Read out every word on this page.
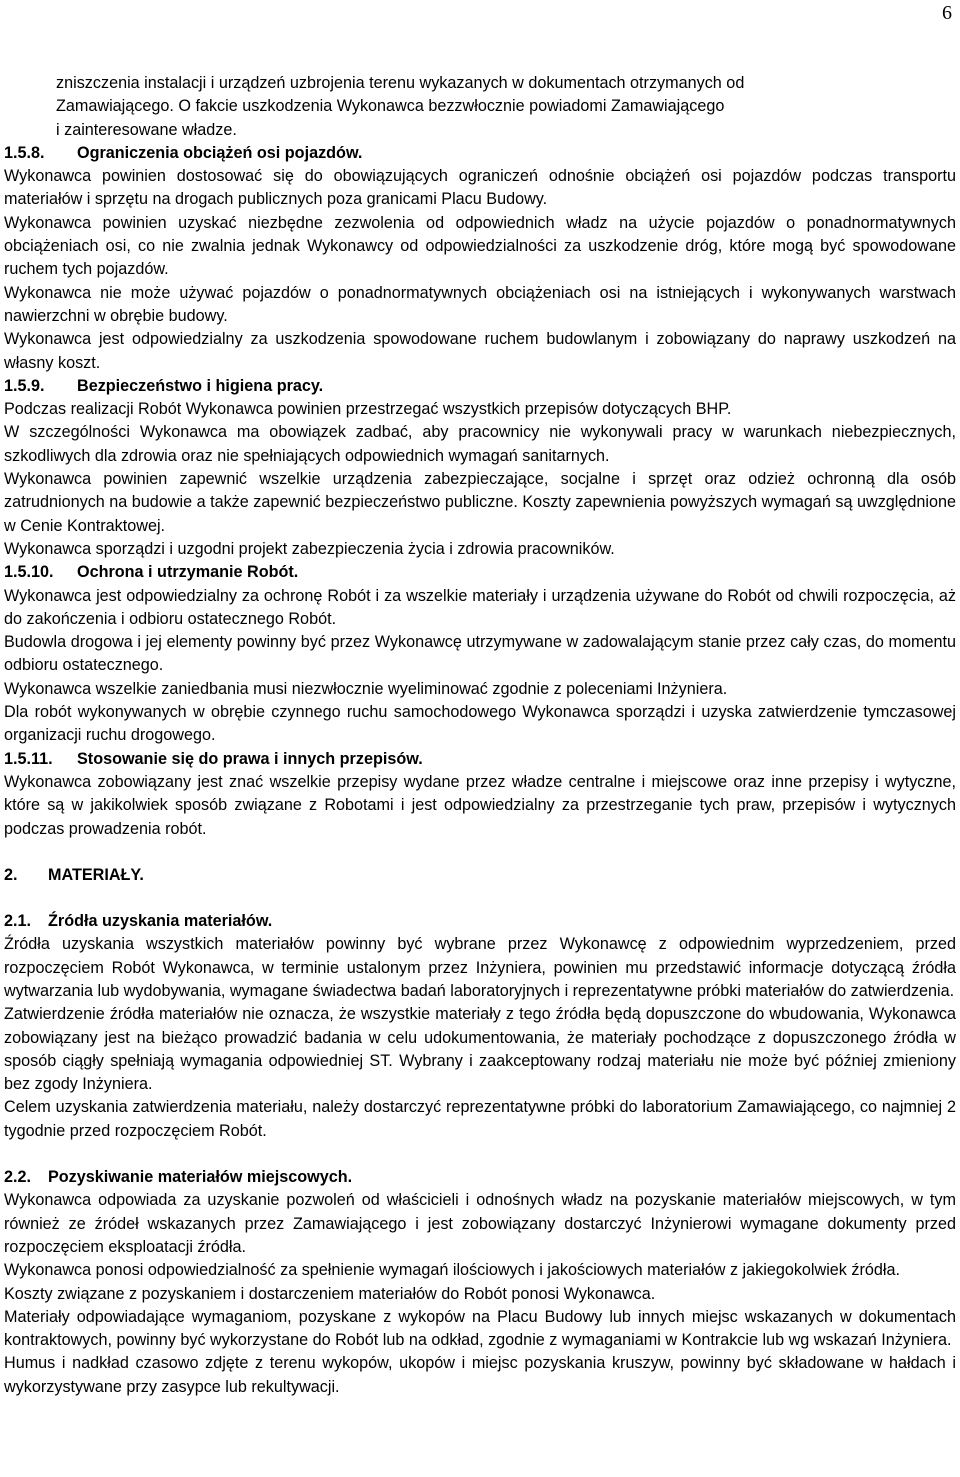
6
zniszczenia instalacji i urządzeń uzbrojenia terenu wykazanych w dokumentach otrzymanych od
Zamawiającego. O fakcie uszkodzenia Wykonawca bezzwłocznie powiadomi Zamawiającego
i zainteresowane władze.
1.5.8.	Ograniczenia obciążeń osi pojazdów.

Wykonawca powinien dostosować się do obowiązujących ograniczeń odnośnie obciążeń osi pojazdów podczas transportu materiałów i sprzętu na drogach publicznych poza granicami Placu Budowy.

Wykonawca powinien uzyskać niezbędne zezwolenia od odpowiednich władz na użycie pojazdów o ponadnormatywnych obciążeniach osi, co nie zwalnia jednak Wykonawcy od odpowiedzialności za uszkodzenie dróg, które mogą być spowodowane ruchem tych pojazdów.

Wykonawca nie może używać pojazdów o ponadnormatywnych obciążeniach osi na istniejących i wykonywanych warstwach nawierzchni w obrębie budowy.

Wykonawca jest odpowiedzialny za uszkodzenia spowodowane ruchem budowlanym i zobowiązany do naprawy uszkodzeń na własny koszt.

1.5.9.	Bezpieczeństwo i higiena pracy.

Podczas realizacji Robót Wykonawca powinien przestrzegać wszystkich przepisów dotyczących BHP.

W szczególności Wykonawca ma obowiązek zadbać, aby pracownicy nie wykonywali pracy w warunkach niebezpiecznych, szkodliwych dla zdrowia oraz nie spełniających odpowiednich wymagań sanitarnych.

Wykonawca powinien zapewnić wszelkie urządzenia zabezpieczające, socjalne i sprzęt oraz odzież ochronną dla osób zatrudnionych na budowie a także zapewnić bezpieczeństwo publiczne. Koszty zapewnienia powyższych wymagań są uwzględnione w Cenie Kontraktowej.

Wykonawca sporządzi i uzgodni projekt zabezpieczenia życia i zdrowia pracowników.

1.5.10.	Ochrona i utrzymanie Robót.

Wykonawca jest odpowiedzialny za ochronę Robót i za wszelkie materiały i urządzenia używane do Robót od chwili rozpoczęcia, aż do zakończenia i odbioru ostatecznego Robót.

Budowla drogowa i jej elementy powinny być przez Wykonawcę utrzymywane w zadowalającym stanie przez cały czas, do momentu odbioru ostatecznego.

Wykonawca wszelkie zaniedbania musi niezwłocznie wyeliminować zgodnie z poleceniami Inżyniera.

Dla robót wykonywanych w obrębie czynnego ruchu samochodowego Wykonawca sporządzi i uzyska zatwierdzenie tymczasowej organizacji ruchu drogowego.

1.5.11.	Stosowanie się do prawa i innych przepisów.

Wykonawca zobowiązany jest znać wszelkie przepisy wydane przez władze centralne i miejscowe oraz inne przepisy i wytyczne, które są w jakikolwiek sposób związane z Robotami i jest odpowiedzialny za przestrzeganie tych praw, przepisów i wytycznych podczas prowadzenia robót.

2.	MATERIAŁY.
2.1.	Źródła uzyskania materiałów.

Źródła uzyskania wszystkich materiałów powinny być wybrane przez Wykonawcę z odpowiednim wyprzedzeniem, przed rozpoczęciem Robót Wykonawca, w terminie ustalonym przez Inżyniera, powinien mu przedstawić informacje dotyczącą źródła wytwarzania lub wydobywania, wymagane świadectwa badań laboratoryjnych i reprezentatywne próbki materiałów do zatwierdzenia.

Zatwierdzenie źródła materiałów nie oznacza, że wszystkie materiały z tego źródła będą dopuszczone do wbudowania, Wykonawca zobowiązany jest na bieżąco prowadzić badania w celu udokumentowania, że materiały pochodzące z dopuszczonego źródła w sposób ciągły spełniają wymagania odpowiedniej ST. Wybrany i zaakceptowany rodzaj materiału nie może być później zmieniony bez zgody Inżyniera.

Celem uzyskania zatwierdzenia materiału, należy dostarczyć reprezentatywne próbki do laboratorium Zamawiającego, co najmniej 2 tygodnie przed rozpoczęciem Robót.

2.2.	Pozyskiwanie materiałów miejscowych.

Wykonawca odpowiada za uzyskanie pozwoleń od właścicieli i odnośnych władz na pozyskanie materiałów miejscowych, w tym również ze źródeł wskazanych przez Zamawiającego i jest zobowiązany dostarczyć Inżynierowi wymagane dokumenty przed rozpoczęciem eksploatacji źródła.

Wykonawca ponosi odpowiedzialność za spełnienie wymagań ilościowych i jakościowych materiałów z jakiegokolwiek źródła.

Koszty związane z pozyskaniem i dostarczeniem materiałów do Robót ponosi Wykonawca.

Materiały odpowiadające wymaganiom, pozyskane z wykopów na Placu Budowy lub innych miejsc wskazanych w dokumentach kontraktowych, powinny być wykorzystane do Robót lub na odkład, zgodnie z wymaganiami w Kontrakcie lub wg wskazań Inżyniera.

Humus i nadkład czasowo zdjęte z terenu wykopów, ukopów i miejsc pozyskania kruszyw, powinny być składowane w hałdach i wykorzystywane przy zasypce lub rekultywacji.
